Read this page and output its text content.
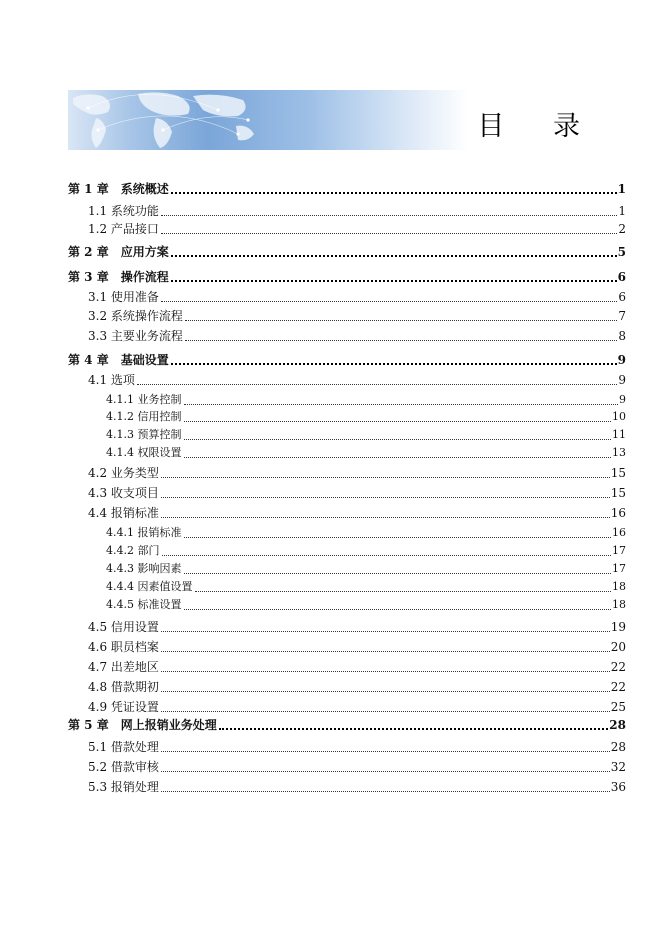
目 录
第 1 章　系统概述	1
1.1 系统功能	1
1.2 产品接口	2
第 2 章　应用方案	5
第 3 章　操作流程	6
3.1 使用准备	6
3.2 系统操作流程	7
3.3 主要业务流程	8
第 4 章　基础设置	9
4.1 选项	9
4.1.1 业务控制	9
4.1.2 信用控制	10
4.1.3 预算控制	11
4.1.4 权限设置	13
4.2 业务类型	15
4.3 收支项目	15
4.4 报销标准	16
4.4.1 报销标准	16
4.4.2 部门	17
4.4.3 影响因素	17
4.4.4 因素值设置	18
4.4.5 标准设置	18
4.5 信用设置	19
4.6 职员档案	20
4.7 出差地区	22
4.8 借款期初	22
4.9 凭证设置	25
第 5 章　网上报销业务处理	28
5.1 借款处理	28
5.2 借款审核	32
5.3 报销处理	36
